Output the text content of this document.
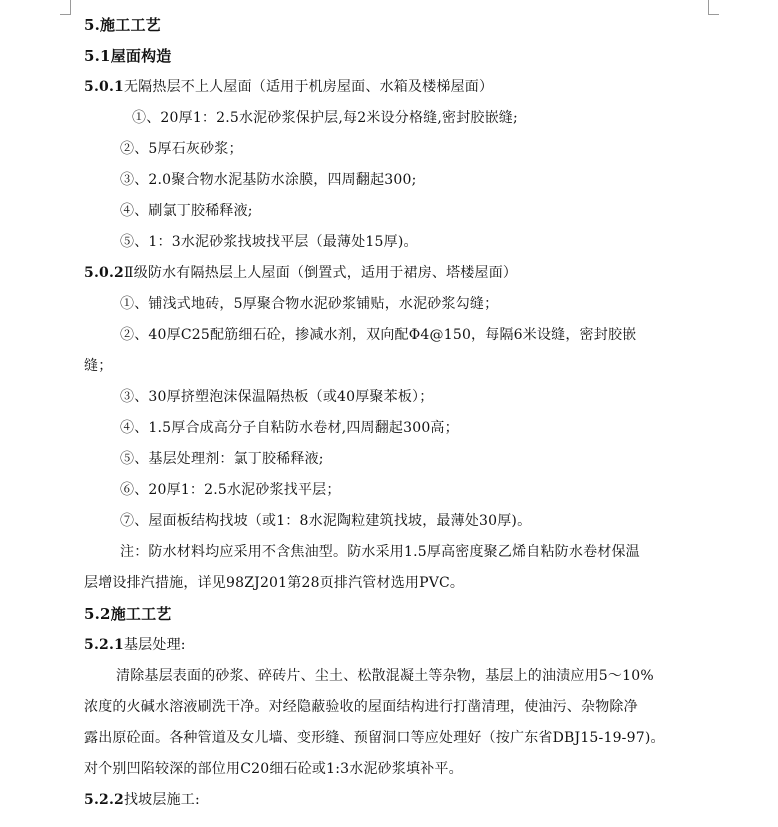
5.施工工艺
5.1屋面构造
5.0.1无隔热层不上人屋面（适用于机房屋面、水箱及楼梯屋面）
①、20厚1：2.5水泥砂浆保护层,每2米设分格缝,密封胶嵌缝;
②、5厚石灰砂浆；
③、2.0聚合物水泥基防水涂膜，四周翻起300;
④、刷氯丁胶稀释液;
⑤、1：3水泥砂浆找坡找平层（最薄处15厚)。
5.0.2Ⅱ级防水有隔热层上人屋面（倒置式，适用于裙房、塔楼屋面）
①、铺浅式地砖，5厚聚合物水泥砂浆铺贴，水泥砂浆勾缝；
②、40厚C25配筋细石砼，掺减水剂，双向配Φ4@150，每隔6米设缝，密封胶嵌
缝；
③、30厚挤塑泡沫保温隔热板（或40厚聚苯板）；
④、1.5厚合成高分子自粘防水卷材,四周翻起300高；
⑤、基层处理剂：氯丁胶稀释液;
⑥、20厚1：2.5水泥砂浆找平层；
⑦、屋面板结构找坡（或1：8水泥陶粒建筑找坡，最薄处30厚)。
注：防水材料均应采用不含焦油型。防水采用1.5厚高密度聚乙烯自粘防水卷材保温
层增设排汽措施，详见98ZJ201第28页排汽管材选用PVC。
5.2施工工艺
5.2.1基层处理:
清除基层表面的砂浆、碎砖片、尘土、松散混凝土等杂物，基层上的油渍应用5～10%
浓度的火碱水溶液刷洗干净。对经隐蔽验收的屋面结构进行打凿清理，使油污、杂物除净
露出原砼面。各种管道及女儿墙、变形缝、预留洞口等应处理好（按广东省DBJ15-19-97)。
对个别凹陷较深的部位用C20细石砼或1:3水泥砂浆填补平。
5.2.2找坡层施工:
